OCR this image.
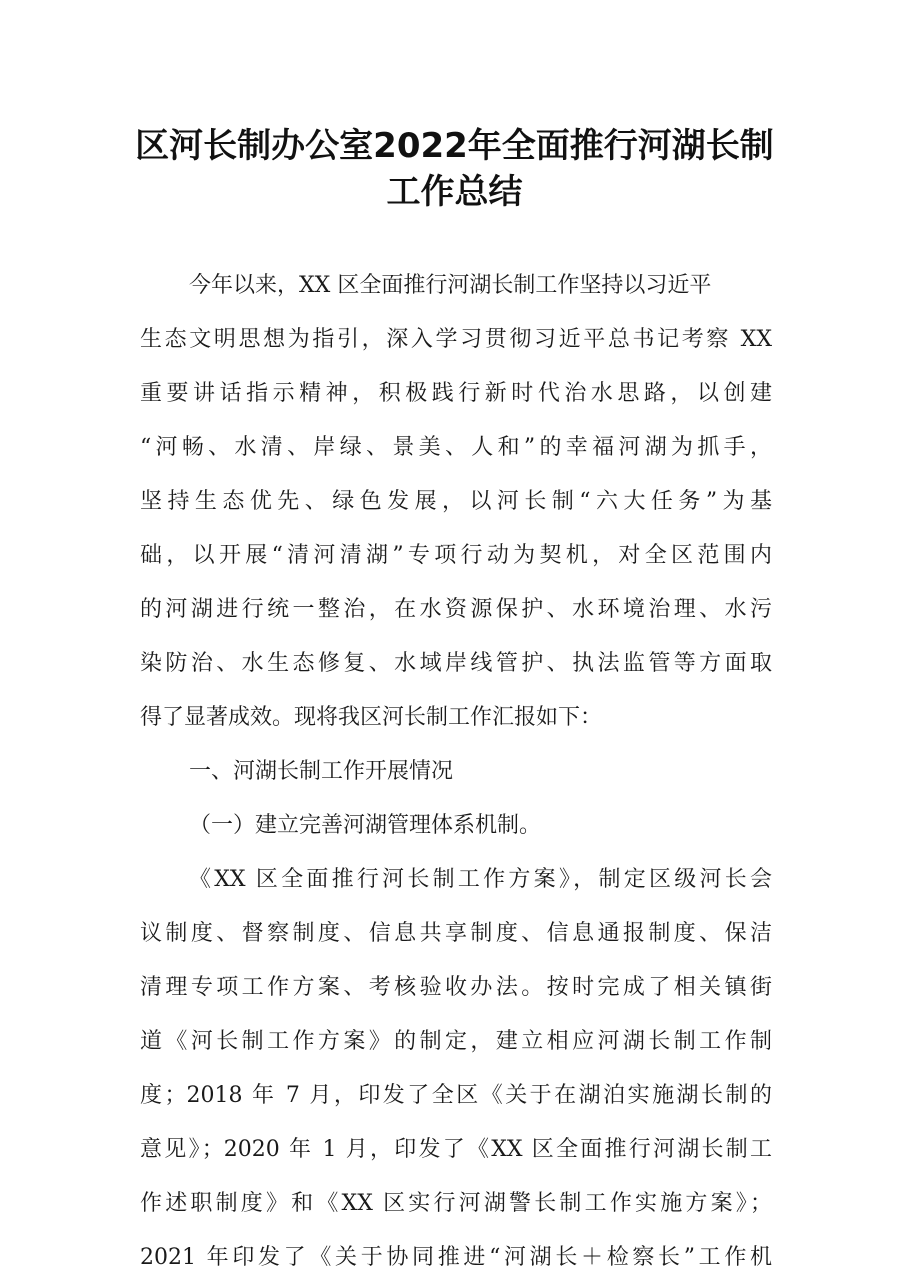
区河长制办公室2022年全面推行河湖长制
工作总结
今年以来，XX 区全面推行河湖长制工作坚持以习近平
生态文明思想为指引，深入学习贯彻习近平总书记考察 XX
重要讲话指示精神，积极践行新时代治水思路，以创建
“河畅、水清、岸绿、景美、人和”的幸福河湖为抓手，
坚持生态优先、绿色发展，以河长制“六大任务”为基
础，以开展“清河清湖”专项行动为契机，对全区范围内
的河湖进行统一整治，在水资源保护、水环境治理、水污
染防治、水生态修复、水域岸线管护、执法监管等方面取
得了显著成效。现将我区河长制工作汇报如下：
一、河湖长制工作开展情况
（一）建立完善河湖管理体系机制。
《XX 区全面推行河长制工作方案》，制定区级河长会
议制度、督察制度、信息共享制度、信息通报制度、保洁
清理专项工作方案、考核验收办法。按时完成了相关镇街
道《河长制工作方案》的制定，建立相应河湖长制工作制
度；2018 年 7 月，印发了全区《关于在湖泊实施湖长制的
意见》；2020 年 1 月，印发了《XX 区全面推行河湖长制工
作述职制度》和《XX 区实行河湖警长制工作实施方案》；
2021 年印发了《关于协同推进“河湖长＋检察长”工作机
